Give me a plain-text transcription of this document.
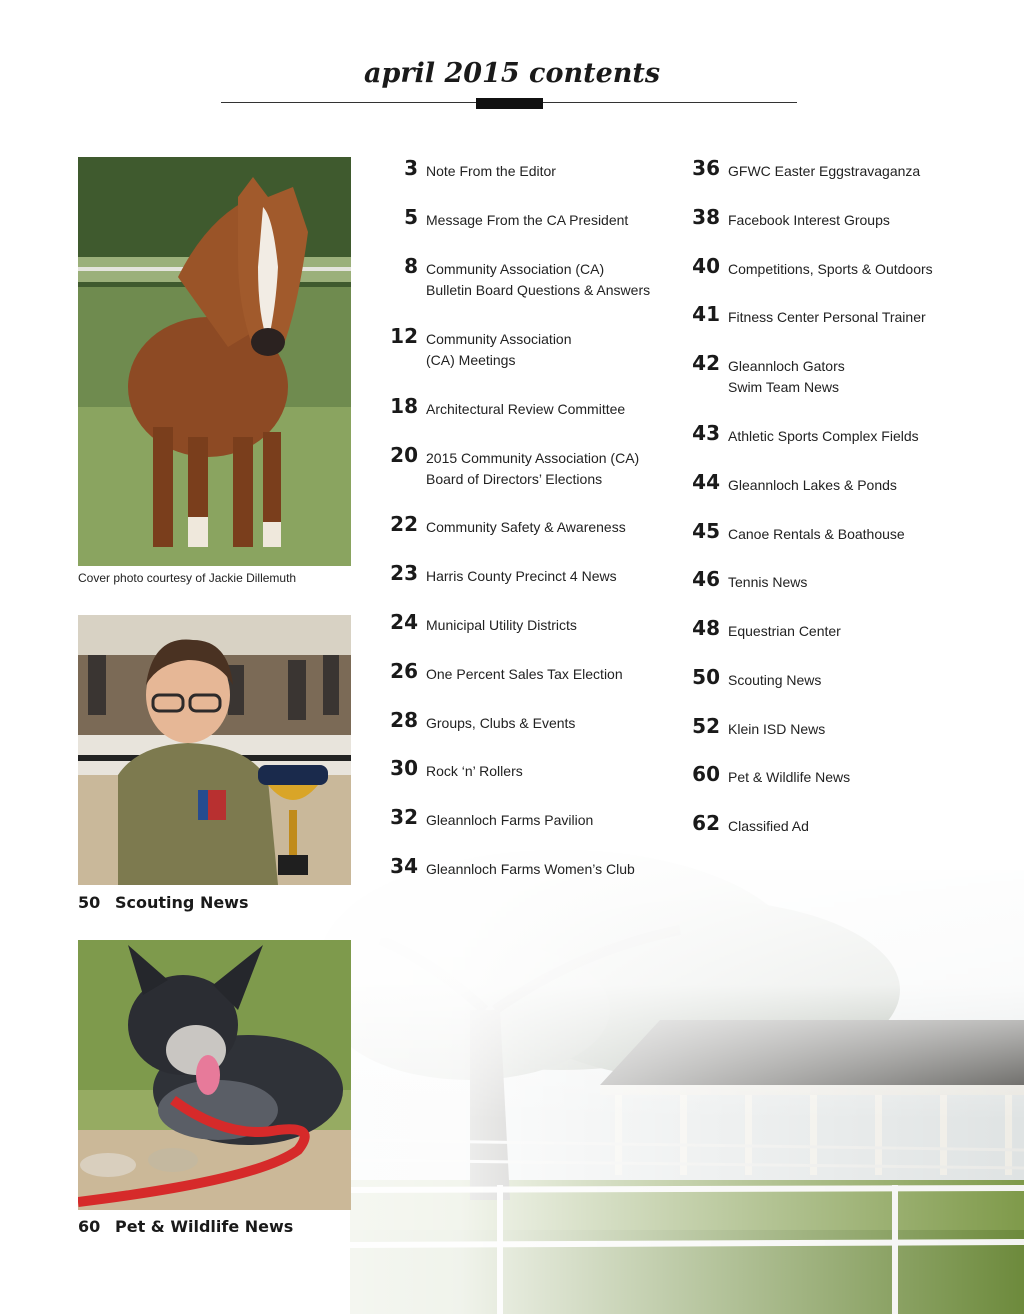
april 2015 contents
Cover photo courtesy of Jackie Dillemuth
50 Scouting News
60 Pet & Wildlife News
3 Note From the Editor
5 Message From the CA President
8 Community Association (CA)
Bulletin Board Questions & Answers
12 Community Association
(CA) Meetings
18 Architectural Review Committee
20 2015 Community Association (CA)
Board of Directors’ Elections
22 Community Safety & Awareness
23 Harris County Precinct 4 News
24 Municipal Utility Districts
26 One Percent Sales Tax Election
28 Groups, Clubs & Events
30 Rock ‘n’ Rollers
32 Gleannloch Farms Pavilion
34 Gleannloch Farms Women’s Club
36 GFWC Easter Eggstravaganza
38 Facebook Interest Groups
40 Competitions, Sports & Outdoors
41 Fitness Center Personal Trainer
42 Gleannloch Gators
Swim Team News
43 Athletic Sports Complex Fields
44 Gleannloch Lakes & Ponds
45 Canoe Rentals & Boathouse
46 Tennis News
48 Equestrian Center
50 Scouting News
52 Klein ISD News
60 Pet & Wildlife News
62 Classified Ad
